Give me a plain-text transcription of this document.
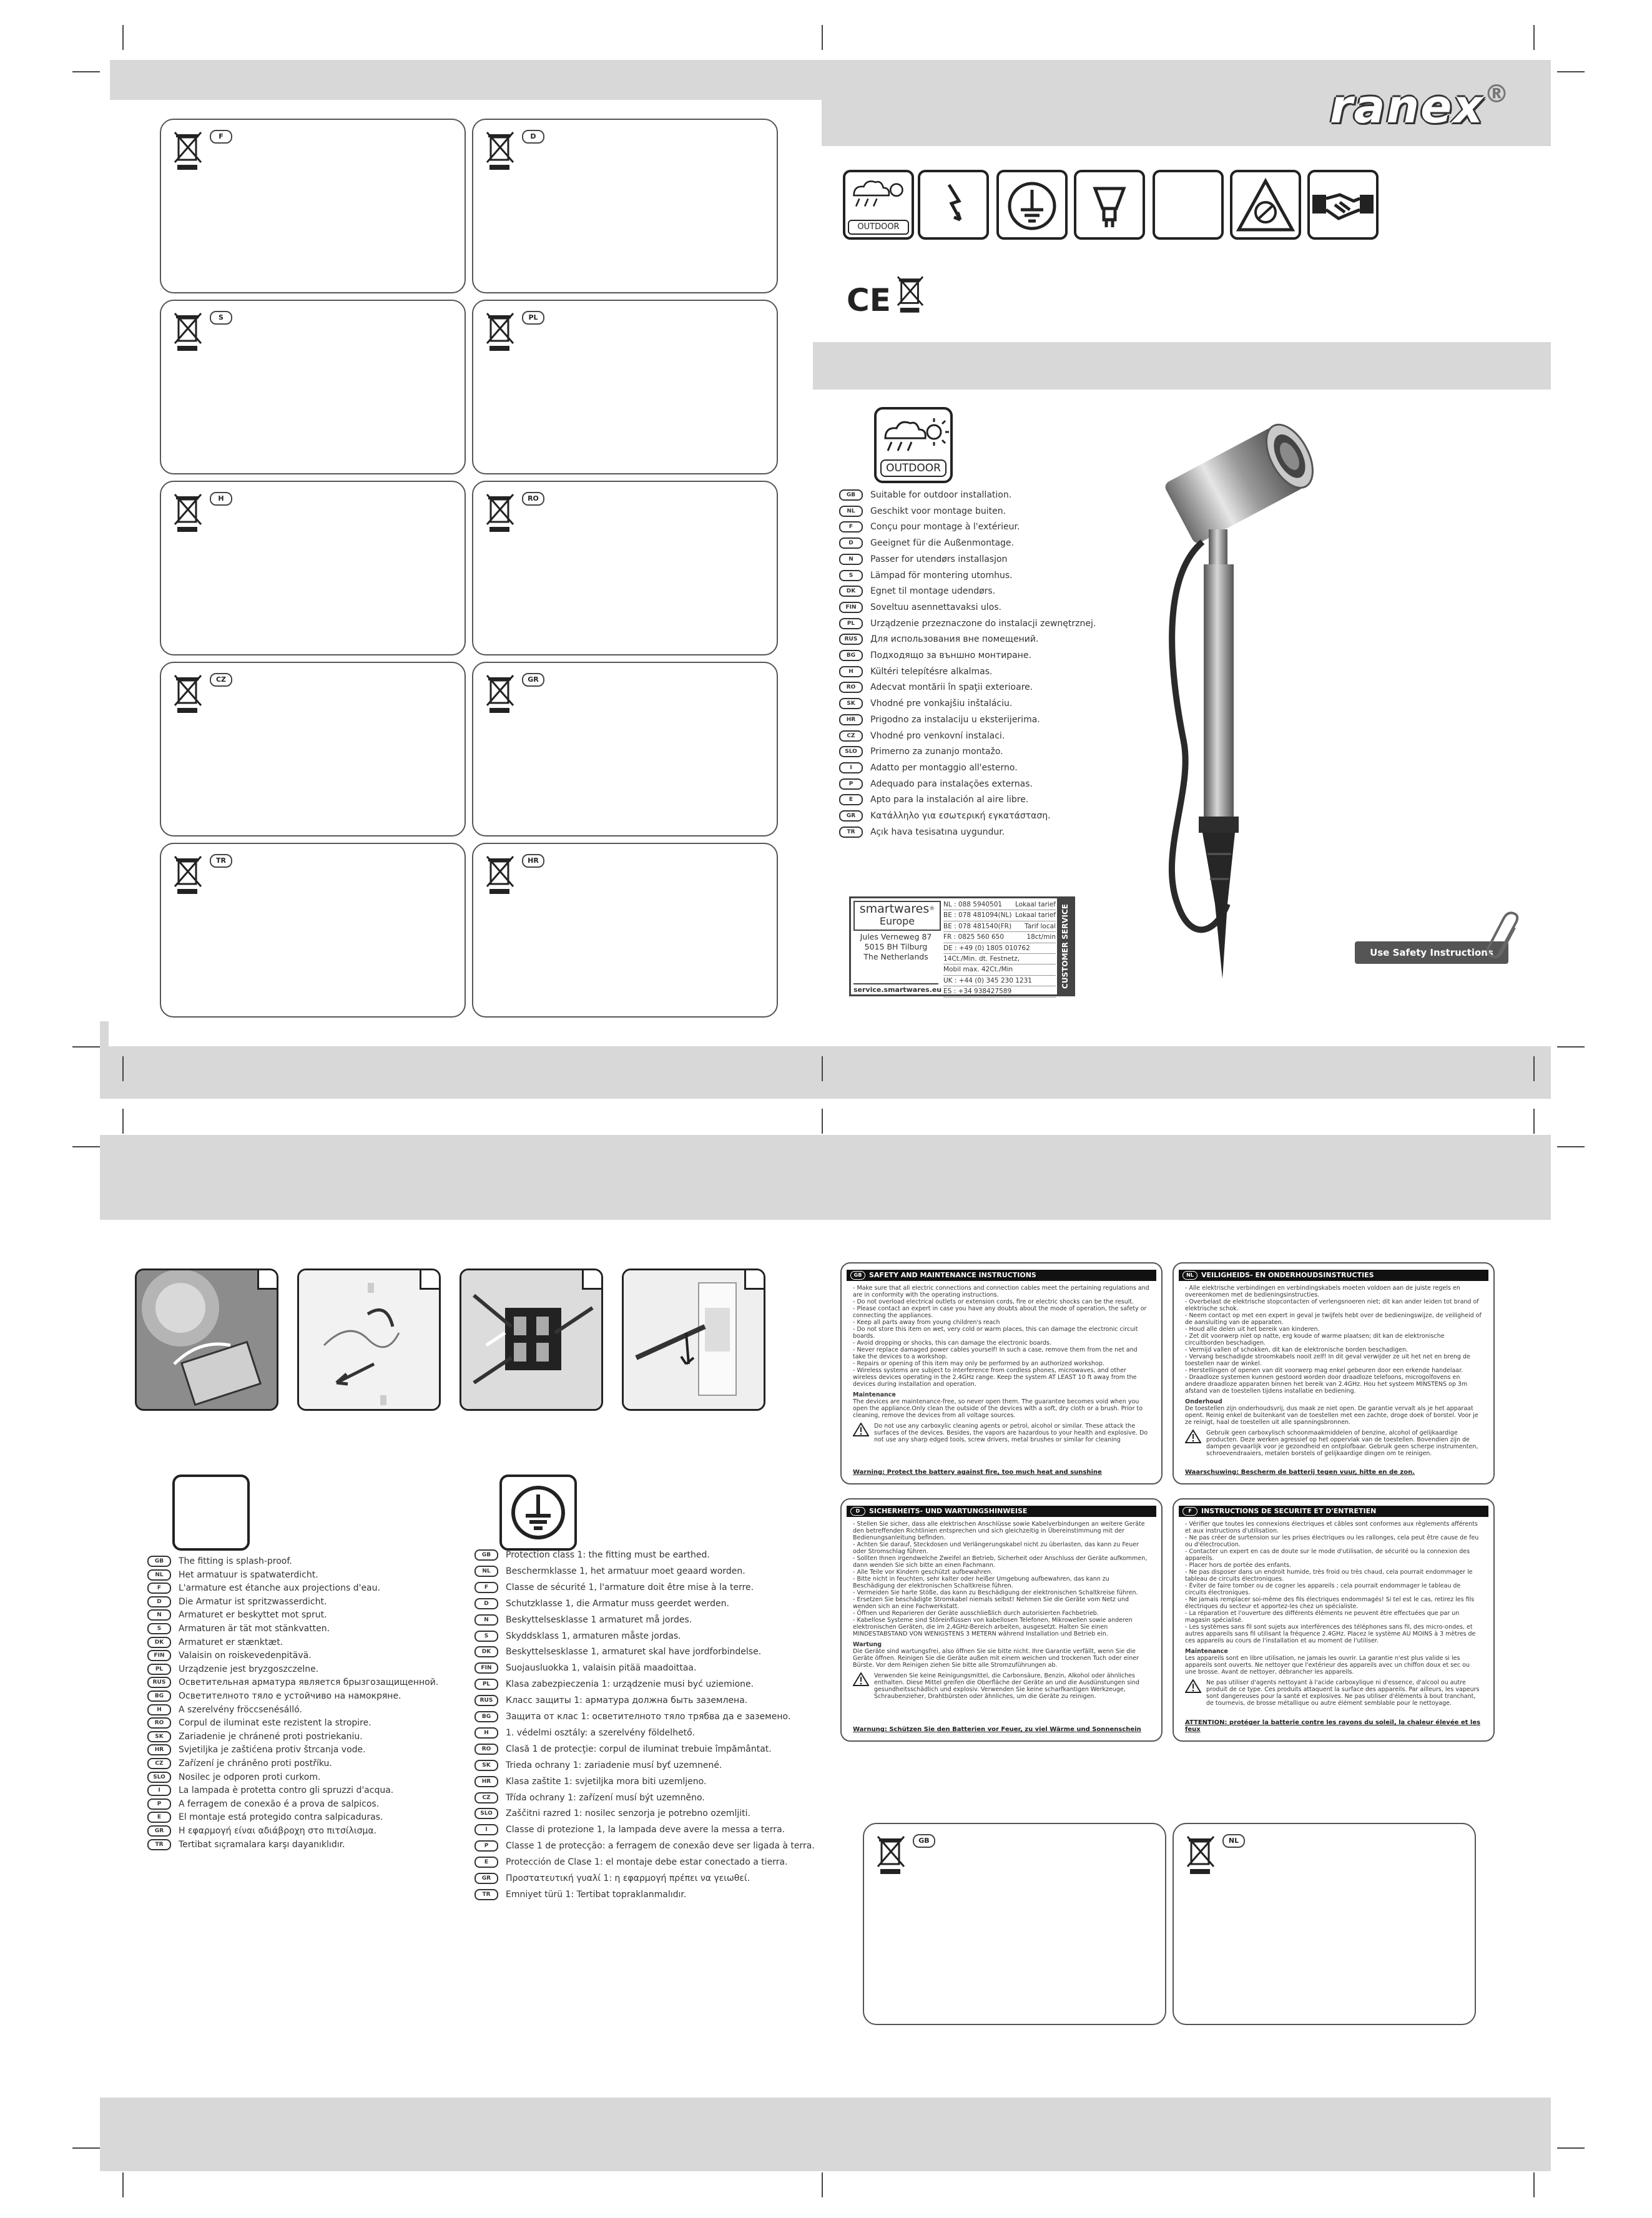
ranex®
OUTDOOR
CE
F	D
S	PL
H	RO
CZ	GR
TR	HR
GB	NL
OUTDOOR
GB Suitable for outdoor installation.
NL Geschikt voor montage buiten.
F Conçu pour montage à l'extérieur.
D Geeignet für die Außenmontage.
N Passer for utendørs installasjon
S Lämpad för montering utomhus.
DK Egnet til montage udendørs.
FIN Soveltuu asennettavaksi ulos.
PL Urządzenie przeznaczone do instalacji zewnętrznej.
RUS Для использования вне помещений.
BG Подходящо за външно монтиране.
H Kültéri telepítésre alkalmas.
RO Adecvat montării în spaţii exterioare.
SK Vhodné pre vonkajšiu inštaláciu.
HR Prigodno za instalaciju u eksterijerima.
CZ Vhodné pro venkovní instalaci.
SLO Primerno za zunanjo montažo.
I Adatto per montaggio all'esterno.
P Adequado para instalações externas.
E Apto para la instalación al aire libre.
GR Κατάλληλο για εσωτερική εγκατάσταση.
TR Açık hava tesisatına uygundur.
smartwares®
Europe
Jules Verneweg 87
5015 BH Tilburg
The Netherlands
service.smartwares.eu
NL : 088 5940501 Lokaal tarief
BE : 078 481094(NL) Lokaal tarief
BE : 078 481540(FR) Tarif local
FR : 0825 560 650	18ct/min
DE : +49 (0) 1805 010762
14Ct./Min. dt. Festnetz,
Mobil max. 42Ct./Min
UK : +44 (0) 345 230 1231
ES : +34 938427589
CUSTOMER SERVICE	Use Safety Instructions
GB The fitting is splash-proof.
NL Het armatuur is spatwaterdicht.
F L'armature est étanche aux projections d'eau.
D Die Armatur ist spritzwasserdicht.
N Armaturet er beskyttet mot sprut.
S Armaturen är tät mot stänkvatten.
DK Armaturet er stænktæt.
FIN Valaisin on roiskevedenpitävä.
PL Urządzenie jest bryzgoszczelne.
RUS Осветительная арматура является брызгозащищенной.
BG Осветителното тяло е устойчиво на намокряне.
H A szerelvény fröccsenésálló.
RO Corpul de iluminat este rezistent la stropire.
SK Zariadenie je chránené proti postriekaniu.
HR Svjetiljka je zaštićena protiv štrcanja vode.
CZ Zařízení je chráněno proti postříku.
SLO Nosilec je odporen proti curkom.
I La lampada è protetta contro gli spruzzi d'acqua.
P A ferragem de conexão é a prova de salpicos.
E El montaje está protegido contra salpicaduras.
GR Η εφαρμογή είναι αδιάβροχη στο πιτσίλισμα.
TR Tertibat sıçramalara karşı dayanıklıdır.
GB Protection class 1: the fitting must be earthed.
NL Beschermklasse 1, het armatuur moet geaard worden.
F Classe de sécurité 1, l'armature doit être mise à la terre.
D Schutzklasse 1, die Armatur muss geerdet werden.
N Beskyttelsesklasse 1 armaturet må jordes.
S Skyddsklass 1, armaturen måste jordas.
DK Beskyttelsesklasse 1, armaturet skal have jordforbindelse.
FIN Suojausluokka 1, valaisin pitää maadoittaa.
PL Klasa zabezpieczenia 1: urządzenie musi być uziemione.
RUS Класс защиты 1: арматура должна быть заземлена.
BG Защита от клас 1: осветителното тяло трябва да е заземено.
H 1. védelmi osztály: a szerelvény földelhető.
RO Clasă 1 de protecţie: corpul de iluminat trebuie împământat.
SK Trieda ochrany 1: zariadenie musí byť uzemnené.
HR Klasa zaštite 1: svjetiljka mora biti uzemljeno.
CZ Třída ochrany 1: zařízení musí být uzemněno.
SLO Zaščitni razred 1: nosilec senzorja je potrebno ozemljiti.
I Classe di protezione 1, la lampada deve avere la messa a terra.
P Classe 1 de protecção: a ferragem de conexão deve ser ligada à terra.
E Protección de Clase 1: el montaje debe estar conectado a tierra.
GR Προστατευτική γυαλί 1: η εφαρμογή πρέπει να γειωθεί.
TR Emniyet türü 1: Tertibat topraklanmalıdır.
GB	SAFETY AND MAINTENANCE INSTRUCTIONS
- Make sure that all electric connections and connection cables meet the pertaining regulations and are in conformity with the operating instructions.
- Do not overload electrical outlets or extension cords, fire or electric shocks can be the result.
- Please contact an expert in case you have any doubts about the mode of operation, the safety or connecting the appliances.
- Keep all parts away from young children's reach
- Do not store this item on wet, very cold or warm places, this can damage the electronic circuit boards.
- Avoid dropping or shocks, this can damage the electronic boards.
- Never replace damaged power cables yourself! In such a case, remove them from the net and take the devices to a workshop.
- Repairs or opening of this item may only be performed by an authorized workshop.
- Wireless systems are subject to interference from cordless phones, microwaves, and other wireless devices operating in the 2.4GHz range. Keep the system AT LEAST 10 ft away from the devices during installation and operation.
Maintenance
The devices are maintenance-free, so never open them. The guarantee becomes void when you open the appliance.Only clean the outside of the devices with a soft, dry cloth or a brush. Prior to cleaning, remove the devices from all voltage sources.
Do not use any carboxylic cleaning agents or petrol, alcohol or similar. These attack the surfaces of the devices. Besides, the vapors are hazardous to your health and explosive. Do not use any sharp edged tools, screw drivers, metal brushes or similar for cleaning
Warning: Protect the battery against fire, too much heat and sunshine
NL	VEILIGHEIDS- EN ONDERHOUDSINSTRUCTIES
- Alle elektrische verbindingen en verbindingskabels moeten voldoen aan de juiste regels en overeenkomen met de bedieningsinstructies.
- Overbelast de elektrische stopcontacten of verlengsnoeren niet; dit kan ander leiden tot brand of elektrische schok.
- Neem contact op met een expert in geval je twijfels hebt over de bedieningswijze, de veiligheid of de aansluiting van de apparaten.
- Houd alle delen uit het bereik van kinderen.
- Zet dit voorwerp niet op natte, erg koude of warme plaatsen; dit kan de elektronische circuitborden beschadigen.
- Vermijd vallen of schokken, dit kan de elektronische borden beschadigen.
- Vervang beschadigde stroomkabels nooit zelf! In dit geval verwijder ze uit het net en breng de toestellen naar de winkel.
- Herstellingen of openen van dit voorwerp mag enkel gebeuren door een erkende handelaar.
- Draadloze systemen kunnen gestoord worden door draadloze telefoons, microgolfovens en andere draadloze apparaten binnen het bereik van 2.4GHz. Hou het systeem MINSTENS op 3m afstand van de toestellen tijdens installatie en bediening.
Onderhoud
De toestellen zijn onderhoudsvrij, dus maak ze niet open. De garantie vervalt als je het apparaat opent. Reinig enkel de buitenkant van de toestellen met een zachte, droge doek of borstel. Voor je ze reinigt, haal de toestellen uit alle spanningsbronnen.
Gebruik geen carboxylisch schoonmaakmiddelen of benzine, alcohol of gelijkaardige producten. Deze werken agressief op het oppervlak van de toestellen. Bovendien zijn de dampen gevaarlijk voor je gezondheid en ontplofbaar. Gebruik geen scherpe instrumenten, schroevendraaiers, metalen borstels of gelijkaardige dingen om te reinigen.
Waarschuwing: Bescherm de batterij tegen vuur, hitte en de zon.
D	SICHERHEITS- UND WARTUNGSHINWEISE
- Stellen Sie sicher, dass alle elektrischen Anschlüsse sowie Kabelverbindungen an weitere Geräte den betreffenden Richtlinien entsprechen und sich gleichzeitig in Übereinstimmung mit der Bedienungsanleitung befinden.
- Achten Sie darauf, Steckdosen und Verlängerungskabel nicht zu überlasten, das kann zu Feuer oder Stromschlag führen.
- Sollten Ihnen irgendwelche Zweifel an Betrieb, Sicherheit oder Anschluss der Geräte aufkommen, dann wenden Sie sich bitte an einen Fachmann.
- Alle Teile vor Kindern geschützt aufbewahren.
- Bitte nicht in feuchten, sehr kalter oder heißer Umgebung aufbewahren, das kann zu Beschädigung der elektronischen Schaltkreise führen.
- Vermeiden Sie harte Stöße, das kann zu Beschädigung der elektronischen Schaltkreise führen.
- Ersetzen Sie beschädigte Stromkabel niemals selbst! Nehmen Sie die Geräte vom Netz und wenden sich an eine Fachwerkstatt.
- Öffnen und Reparieren der Geräte ausschließlich durch autorisierten Fachbetrieb.
- Kabellose Systeme sind Störeinflüssen von kabellosen Telefonen, Mikrowellen sowie anderen elektronischen Geräten, die im 2,4GHz-Bereich arbeiten, ausgesetzt. Halten Sie einen MINDESTABSTAND VON WENIGSTENS 3 METERN während Installation und Betrieb ein.
Wartung
Die Geräte sind wartungsfrei, also öffnen Sie sie bitte nicht. Ihre Garantie verfällt, wenn Sie die Geräte öffnen. Reinigen Sie die Geräte außen mit einem weichen und trockenen Tuch oder einer Bürste. Vor dem Reinigen ziehen Sie bitte alle Stromzuführungen ab.
Verwenden Sie keine Reinigungsmittel, die Carbonsäure, Benzin, Alkohol oder ähnliches enthalten. Diese Mittel greifen die Oberfläche der Geräte an und die Ausdünstungen sind gesundheitsschädlich und explosiv. Verwenden Sie keine scharfkantigen Werkzeuge, Schraubenzieher, Drahtbürsten oder ähnliches, um die Geräte zu reinigen.
Warnung: Schützen Sie den Batterien vor Feuer, zu viel Wärme und Sonnenschein
F	INSTRUCTIONS DE SECURITE ET D'ENTRETIEN
- Vérifier que toutes les connexions électriques et câbles sont conformes aux règlements afférents et aux instructions d'utilisation.
- Ne pas créer de surtension sur les prises électriques ou les rallonges, cela peut être cause de feu ou d'électrocution.
- Contacter un expert en cas de doute sur le mode d'utilisation, de sécurité ou la connexion des appareils.
- Placer hors de portée des enfants.
- Ne pas disposer dans un endroit humide, très froid ou très chaud, cela pourrait endommager le tableau de circuits électroniques.
- Éviter de faire tomber ou de cogner les appareils ; cela pourrait endommager le tableau de circuits électroniques.
- Ne jamais remplacer soi-même des fils électriques endommagés! Si tel est le cas, retirez les fils électriques du secteur et apportez-les chez un spécialiste.
- La réparation et l'ouverture des différents éléments ne peuvent être effectuées que par un magasin spécialisé.
- Les systèmes sans fil sont sujets aux interférences des téléphones sans fil, des micro-ondes, et autres appareils sans fil utilisant la fréquence 2.4GHz. Placez le système AU MOINS à 3 mètres de ces appareils au cours de l'installation et au moment de l'utiliser.
Maintenance
Les appareils sont en libre utilisation, ne jamais les ouvrir. La garantie n'est plus valide si les appareils sont ouverts. Ne nettoyer que l'extérieur des appareils avec un chiffon doux et sec ou une brosse. Avant de nettoyer, débrancher les appareils.
Ne pas utiliser d'agents nettoyant à l'acide carboxylique ni d'essence, d'alcool ou autre produit de ce type. Ces produits attaquent la surface des appareils. Par ailleurs, les vapeurs sont dangereuses pour la santé et explosives. Ne pas utiliser d'éléments à bout tranchant, de tournevis, de brosse métallique ou autre élément semblable pour le nettoyage.
ATTENTION: protéger la batterie contre les rayons du soleil, la chaleur élevée et les feux
